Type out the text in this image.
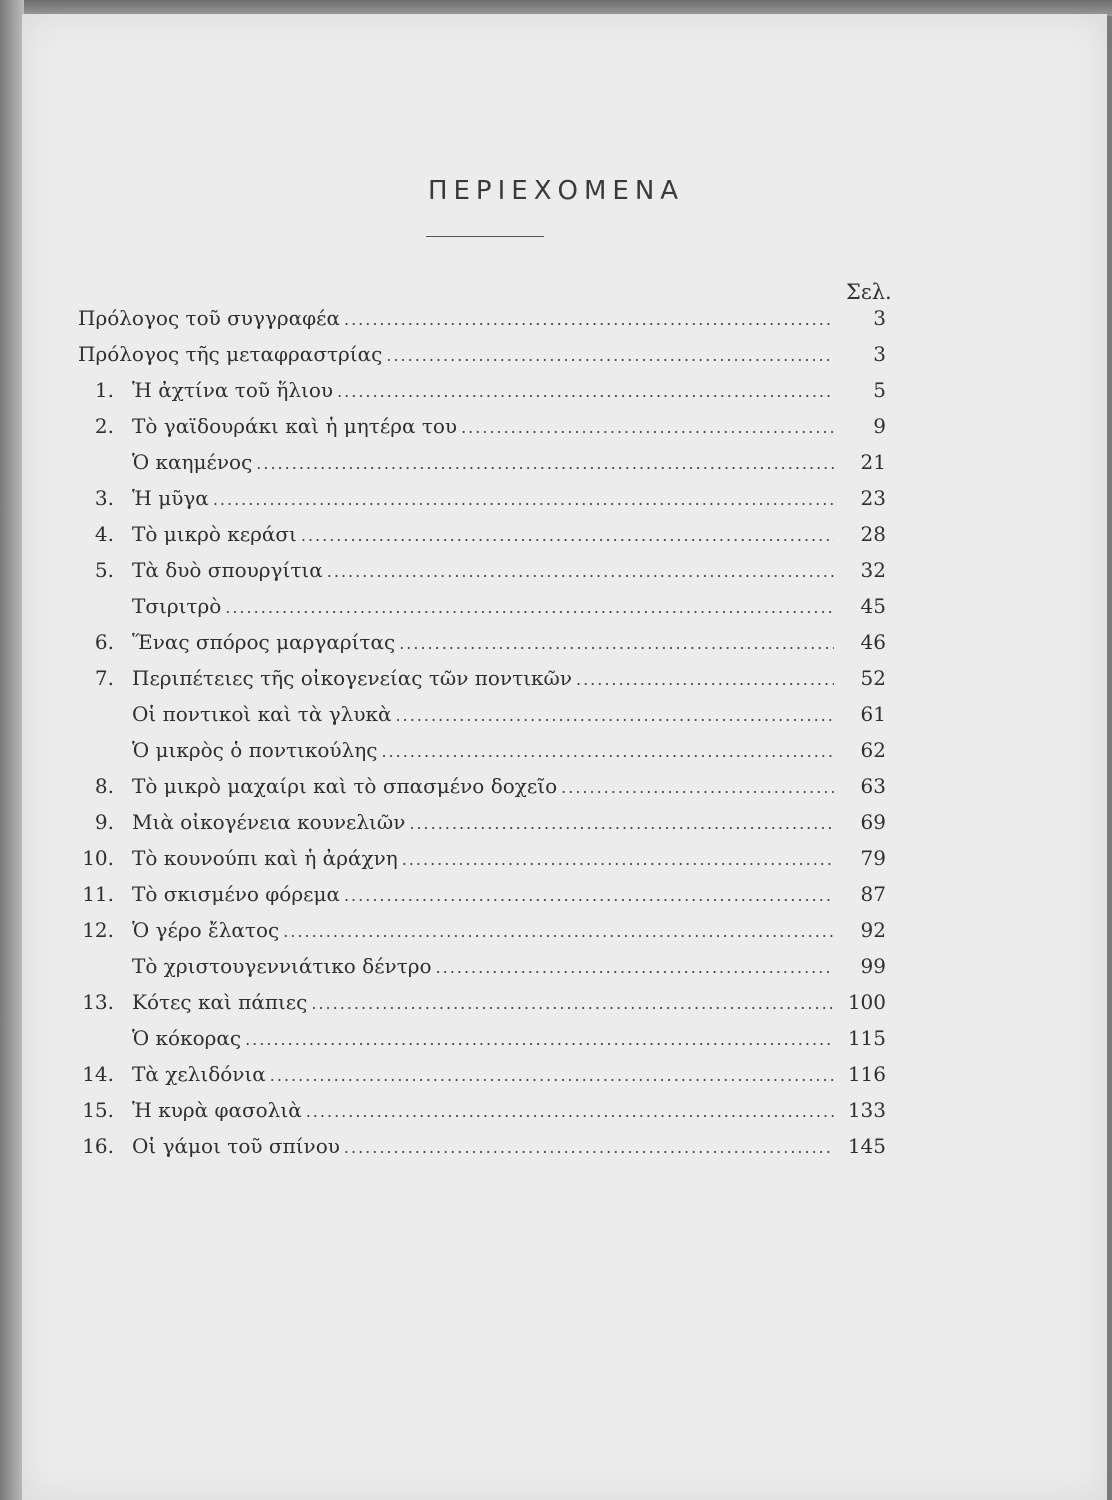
ΠΕΡΙΕΧΟΜΕΝΑ
Σελ.
Πρόλογος τοῦ συγγραφέα .....	3
Πρόλογος τῆς μεταφραστρίας .....	3
1. Ἡ ἀχτίνα τοῦ ἥλιου .....	5
2. Τὸ γαϊδουράκι καὶ ἡ μητέρα του .....	9
Ὁ καημένος .....	21
3. Ἡ μῦγα .....	23
4. Τὸ μικρὸ κεράσι .....	28
5. Τὰ δυὸ σπουργίτια .....	32
Τσιριτρὸ .....	45
6. Ἕνας σπόρος μαργαρίτας .....	46
7. Περιπέτειες τῆς οἰκογενείας τῶν ποντικῶν .....	52
Οἱ ποντικοὶ καὶ τὰ γλυκὰ .....	61
Ὁ μικρὸς ὁ ποντικούλης .....	62
8. Τὸ μικρὸ μαχαίρι καὶ τὸ σπασμένο δοχεῖο .....	63
9. Μιὰ οἰκογένεια κουνελιῶν .....	69
10. Τὸ κουνούπι καὶ ἡ ἀράχνη .....	79
11. Τὸ σκισμένο φόρεμα .....	87
12. Ὁ γέρο ἔλατος .....	92
Τὸ χριστουγεννιάτικο δέντρο .....	99
13. Κότες καὶ πάπιες .....	100
Ὁ κόκορας .....	115
14. Τὰ χελιδόνια .....	116
15. Ἡ κυρὰ φασολιὰ .....	133
16. Οἱ γάμοι τοῦ σπίνου .....	145
